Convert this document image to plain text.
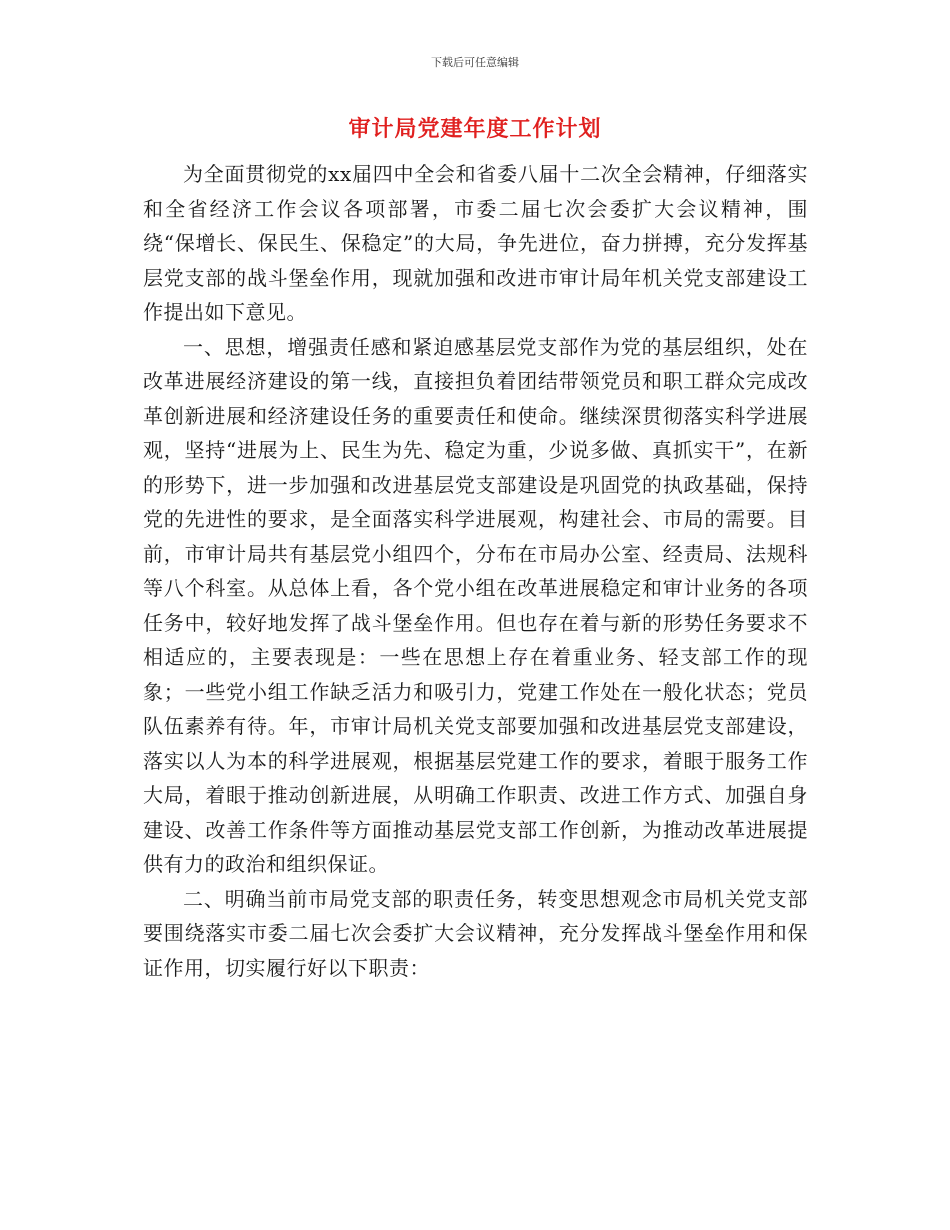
下载后可任意编辑
审计局党建年度工作计划

为全面贯彻党的xx届四中全会和省委八届十二次全会精神，仔细落实和全省经济工作会议各项部署，市委二届七次会委扩大会议精神，围绕“保增长、保民生、保稳定”的大局，争先进位，奋力拼搏，充分发挥基层党支部的战斗堡垒作用，现就加强和改进市审计局年机关党支部建设工作提出如下意见。

一、思想，增强责任感和紧迫感基层党支部作为党的基层组织，处在改革进展经济建设的第一线，直接担负着团结带领党员和职工群众完成改革创新进展和经济建设任务的重要责任和使命。继续深贯彻落实科学进展观，坚持“进展为上、民生为先、稳定为重，少说多做、真抓实干”，在新的形势下，进一步加强和改进基层党支部建设是巩固党的执政基础，保持党的先进性的要求，是全面落实科学进展观，构建社会、市局的需要。目前，市审计局共有基层党小组四个，分布在市局办公室、经责局、法规科等八个科室。从总体上看，各个党小组在改革进展稳定和审计业务的各项任务中，较好地发挥了战斗堡垒作用。但也存在着与新的形势任务要求不相适应的，主要表现是：一些在思想上存在着重业务、轻支部工作的现象；一些党小组工作缺乏活力和吸引力，党建工作处在一般化状态；党员队伍素养有待。年，市审计局机关党支部要加强和改进基层党支部建设，落实以人为本的科学进展观，根据基层党建工作的要求，着眼于服务工作大局，着眼于推动创新进展，从明确工作职责、改进工作方式、加强自身建设、改善工作条件等方面推动基层党支部工作创新，为推动改革进展提供有力的政治和组织保证。

二、明确当前市局党支部的职责任务，转变思想观念市局机关党支部要围绕落实市委二届七次会委扩大会议精神，充分发挥战斗堡垒作用和保证作用，切实履行好以下职责：
